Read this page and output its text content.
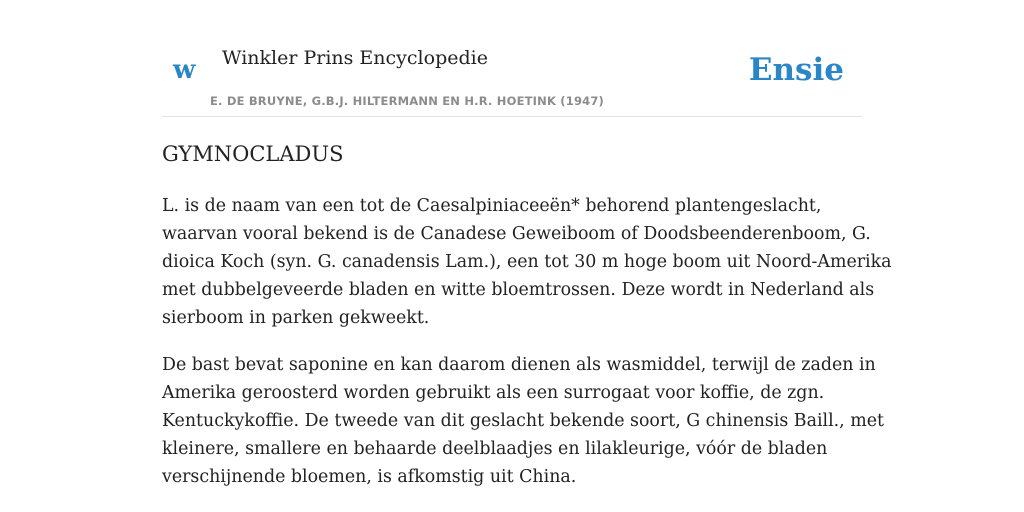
w Winkler Prins Encyclopedie
E. DE BRUYNE, G.B.J. HILTERMANN EN H.R. HOETINK (1947)
Ensie
GYMNOCLADUS

L. is de naam van een tot de Caesalpiniaceeën* behorend plantengeslacht,
waarvan vooral bekend is de Canadese Geweiboom of Doodsbeenderenboom, G.
dioica Koch (syn. G. canadensis Lam.), een tot 30 m hoge boom uit Noord-Amerika
met dubbelgeveerde bladen en witte bloemtrossen. Deze wordt in Nederland als
sierboom in parken gekweekt.

De bast bevat saponine en kan daarom dienen als wasmiddel, terwijl de zaden in
Amerika geroosterd worden gebruikt als een surrogaat voor koffie, de zgn.
Kentuckykoffie. De tweede van dit geslacht bekende soort, G chinensis Baill., met
kleinere, smallere en behaarde deelblaadjes en lilakleurige, vóór de bladen
verschijnende bloemen, is afkomstig uit China.
